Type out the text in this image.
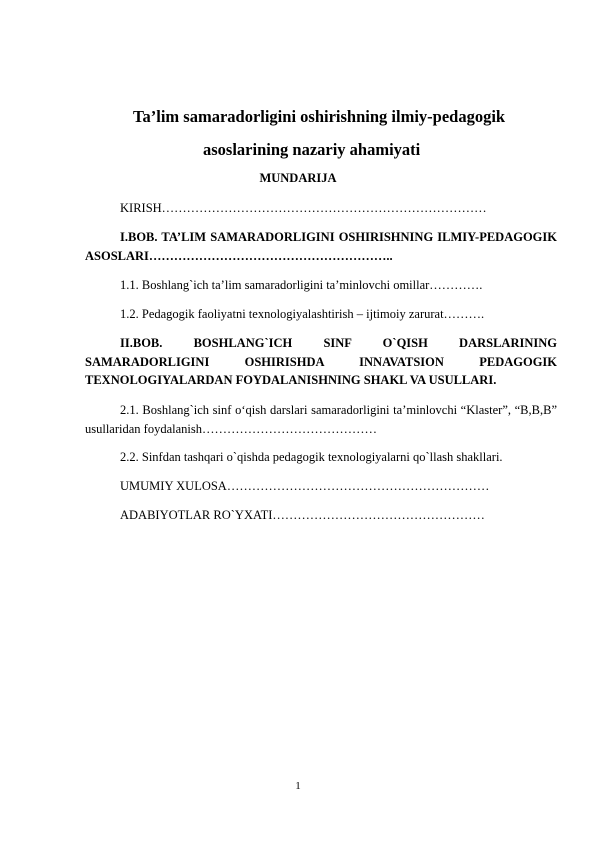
Ta’lim samaradorligini oshirishning ilmiy-pedagogik
asoslarining nazariy ahamiyati
MUNDARIJA
KIRISH……………………………………………………………………
I.BOB. TA’LIM SAMARADORLIGINI OSHIRISHNING ILMIY-PEDAGOGIK ASOSLARI…………………………………………………..
1.1. Boshlang`ich ta’lim samaradorligini ta’minlovchi omillar………….
1.2. Pedagogik faoliyatni texnologiyalashtirish – ijtimoiy zarurat……….
II.BOB. BOSHLANG`ICH SINF O`QISH DARSLARINING SAMARADORLIGINI OSHIRISHDA INNAVATSION PEDAGOGIK TEXNOLOGIYALARDAN FOYDALANISHNING SHAKL VA USULLARI.
2.1. Boshlang`ich sinf o‘qish darslari samaradorligini ta’minlovchi “Klaster”, “B,B,B” usullaridan foydalanish……………………………………
2.2. Sinfdan tashqari o`qishda pedagogik texnologiyalarni qo`llash shakllari.
UMUMIY XULOSA………………………………………………………
ADABIYOTLAR RO`YXATI……………………………………………
1
